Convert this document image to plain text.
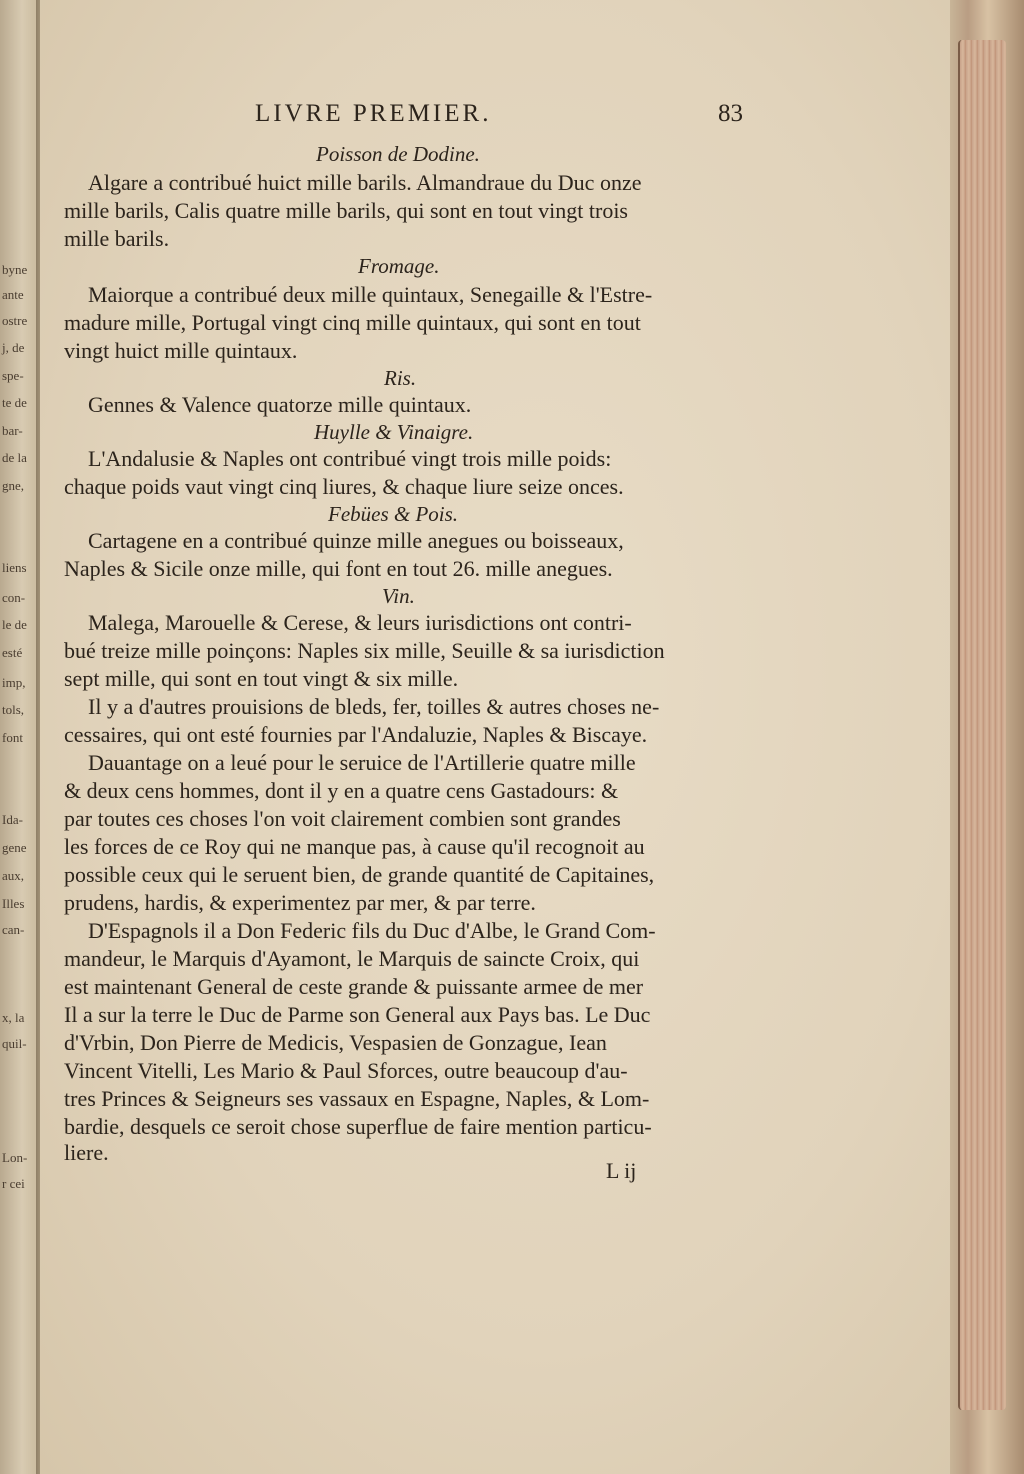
byne
ante
ostre
j, de
spe-
te de
bar-
de la
gne,
liens
con-
le de
esté
imp,
tols,
font
Ida-
gene
aux,
Illes
can-
x, la
quil-
Lon-
r cei
LIVRE PREMIER.	83
Poisson de Dodine.
Algare a contribué huict mille barils. Almandraue du Duc onze
mille barils, Calis quatre mille barils, qui sont en tout vingt trois
mille barils.
Fromage.
Maiorque a contribué deux mille quintaux, Senegaille & l'Estre-
madure mille, Portugal vingt cinq mille quintaux, qui sont en tout
vingt huict mille quintaux.
Ris.
Gennes & Valence quatorze mille quintaux.
Huylle & Vinaigre.
L'Andalusie & Naples ont contribué vingt trois mille poids:
chaque poids vaut vingt cinq liures, & chaque liure seize onces.
Febües & Pois.
Cartagene en a contribué quinze mille anegues ou boisseaux,
Naples & Sicile onze mille, qui font en tout 26. mille anegues.
Vin.
Malega, Marouelle & Cerese, & leurs iurisdictions ont contri-
bué treize mille poinçons: Naples six mille, Seuille & sa iurisdiction
sept mille, qui sont en tout vingt & six mille.
Il y a d'autres prouisions de bleds, fer, toilles & autres choses ne-
cessaires, qui ont esté fournies par l'Andaluzie, Naples & Biscaye.
Dauantage on a leué pour le seruice de l'Artillerie quatre mille
& deux cens hommes, dont il y en a quatre cens Gastadours: &
par toutes ces choses l'on voit clairement combien sont grandes
les forces de ce Roy qui ne manque pas, à cause qu'il recognoit au
possible ceux qui le seruent bien, de grande quantité de Capitaines,
prudens, hardis, & experimentez par mer, & par terre.
D'Espagnols il a Don Federic fils du Duc d'Albe, le Grand Com-
mandeur, le Marquis d'Ayamont, le Marquis de saincte Croix, qui
est maintenant General de ceste grande & puissante armee de mer
Il a sur la terre le Duc de Parme son General aux Pays bas. Le Duc
d'Vrbin, Don Pierre de Medicis, Vespasien de Gonzague, Iean
Vincent Vitelli, Les Mario & Paul Sforces, outre beaucoup d'au-
tres Princes & Seigneurs ses vassaux en Espagne, Naples, & Lom-
bardie, desquels ce seroit chose superflue de faire mention particu-
liere.
L ij
